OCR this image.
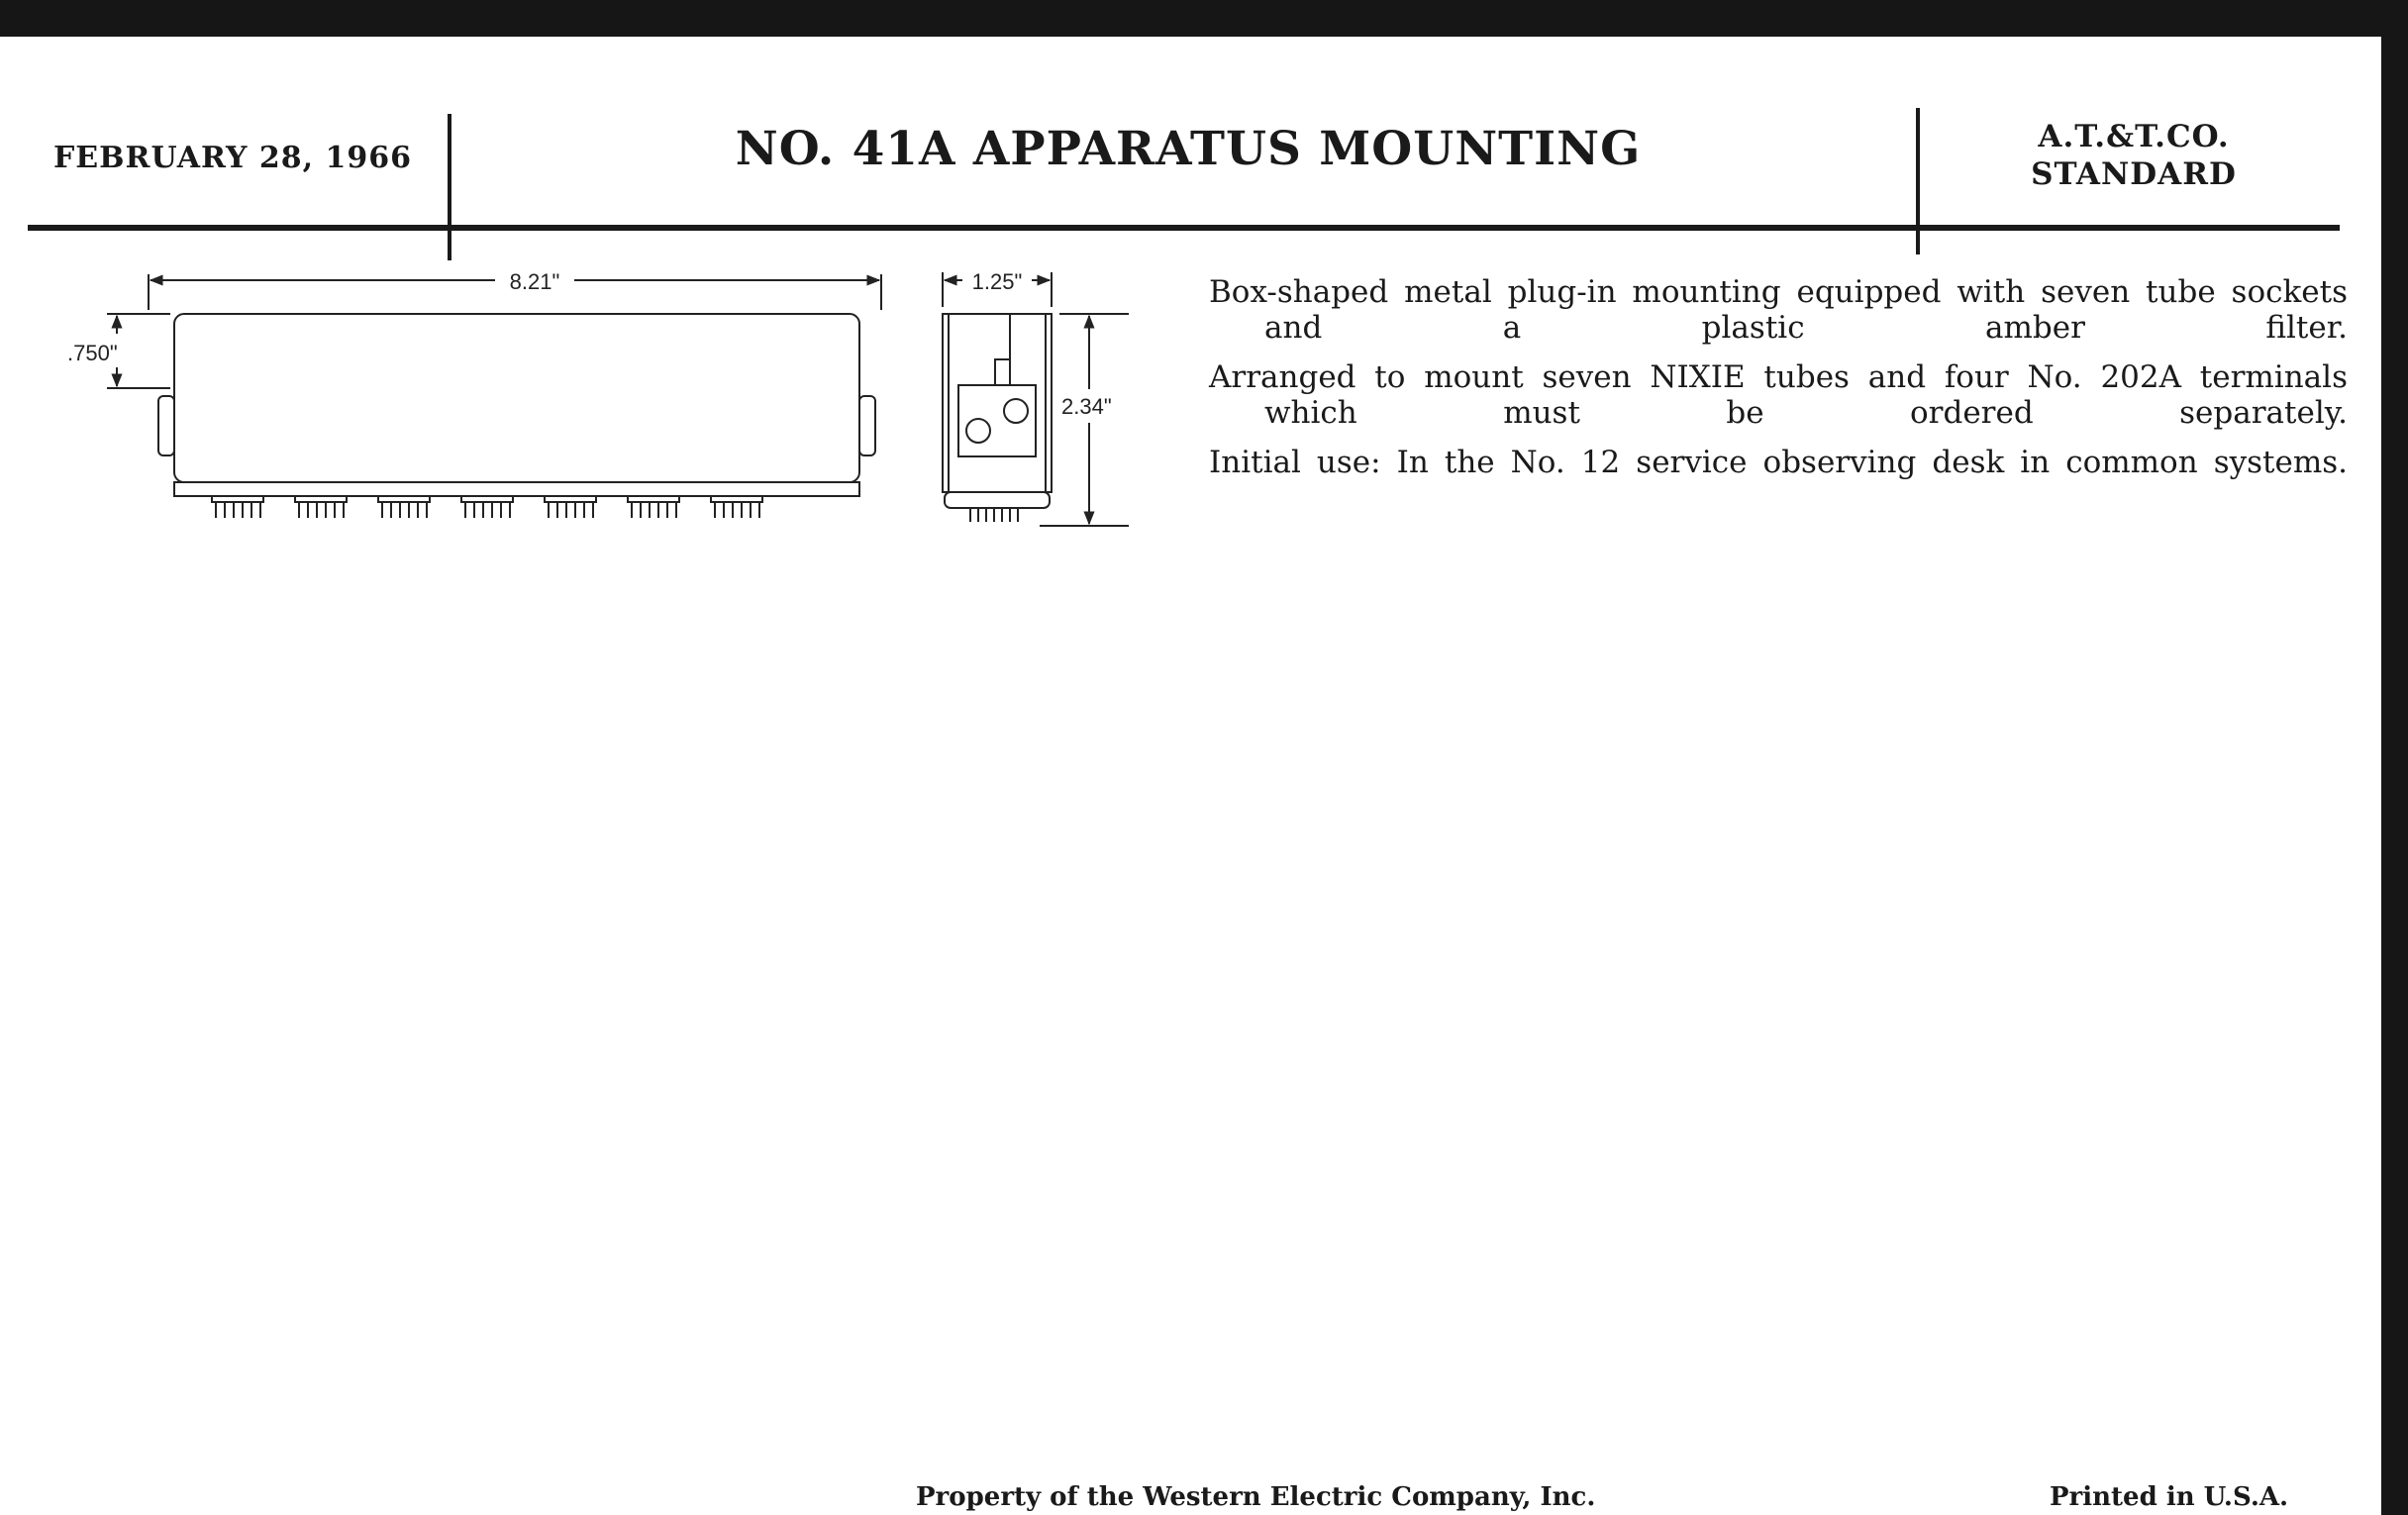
FEBRUARY 28, 1966	NO. 41A APPARATUS MOUNTING	A.T.&T.CO.
STANDARD
8.21"
.750"
1.25"
2.34"

Box-shaped metal plug-in mounting equipped with seven tube sockets and a plastic amber filter.

Arranged to mount seven NIXIE tubes and four No. 202A terminals which must be ordered separately.

Initial use: In the No. 12 service observing desk in common systems.

Property of the Western Electric Company, Inc.	Printed in U.S.A.
